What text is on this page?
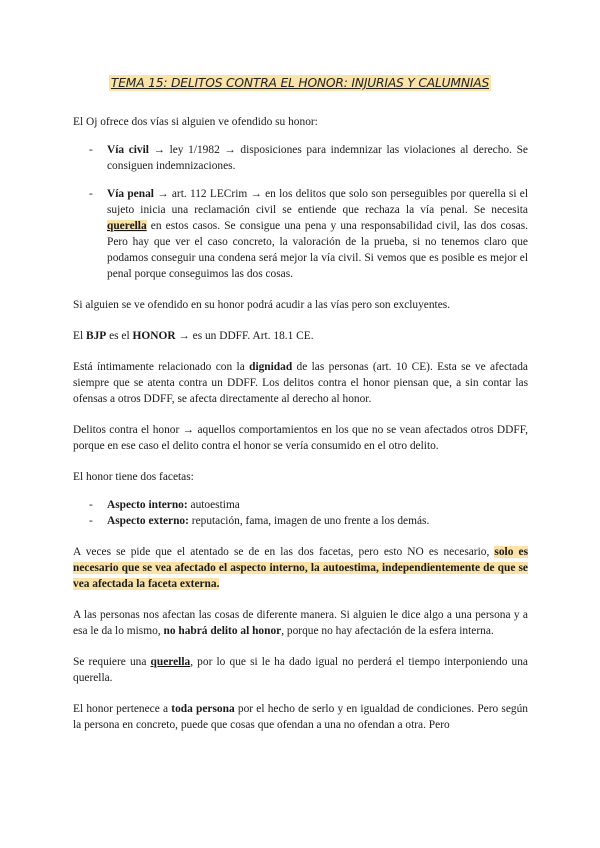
TEMA 15: DELITOS CONTRA EL HONOR: INJURIAS Y CALUMNIAS

El Oj ofrece dos vías si alguien ve ofendido su honor:

- Vía civil → ley 1/1982 → disposiciones para indemnizar las violaciones al derecho. Se consiguen indemnizaciones.
- Vía penal → art. 112 LECrim → en los delitos que solo son perseguibles por querella si el sujeto inicia una reclamación civil se entiende que rechaza la vía penal. Se necesita querella en estos casos. Se consigue una pena y una responsabilidad civil, las dos cosas. Pero hay que ver el caso concreto, la valoración de la prueba, si no tenemos claro que podamos conseguir una condena será mejor la vía civil. Si vemos que es posible es mejor el penal porque conseguimos las dos cosas.

Si alguien se ve ofendido en su honor podrá acudir a las vías pero son excluyentes.

El BJP es el HONOR → es un DDFF. Art. 18.1 CE.

Está íntimamente relacionado con la dignidad de las personas (art. 10 CE). Esta se ve afectada siempre que se atenta contra un DDFF. Los delitos contra el honor piensan que, a sin contar las ofensas a otros DDFF, se afecta directamente al derecho al honor.

Delitos contra el honor → aquellos comportamientos en los que no se vean afectados otros DDFF, porque en ese caso el delito contra el honor se vería consumido en el otro delito.

El honor tiene dos facetas:

- Aspecto interno: autoestima
- Aspecto externo: reputación, fama, imagen de uno frente a los demás.

A veces se pide que el atentado se de en las dos facetas, pero esto NO es necesario, solo es necesario que se vea afectado el aspecto interno, la autoestima, independientemente de que se vea afectada la faceta externa.

A las personas nos afectan las cosas de diferente manera. Si alguien le dice algo a una persona y a esa le da lo mismo, no habrá delito al honor, porque no hay afectación de la esfera interna.

Se requiere una querella, por lo que si le ha dado igual no perderá el tiempo interponiendo una querella.

El honor pertenece a toda persona por el hecho de serlo y en igualdad de condiciones. Pero según la persona en concreto, puede que cosas que ofendan a una no ofendan a otra. Pero
